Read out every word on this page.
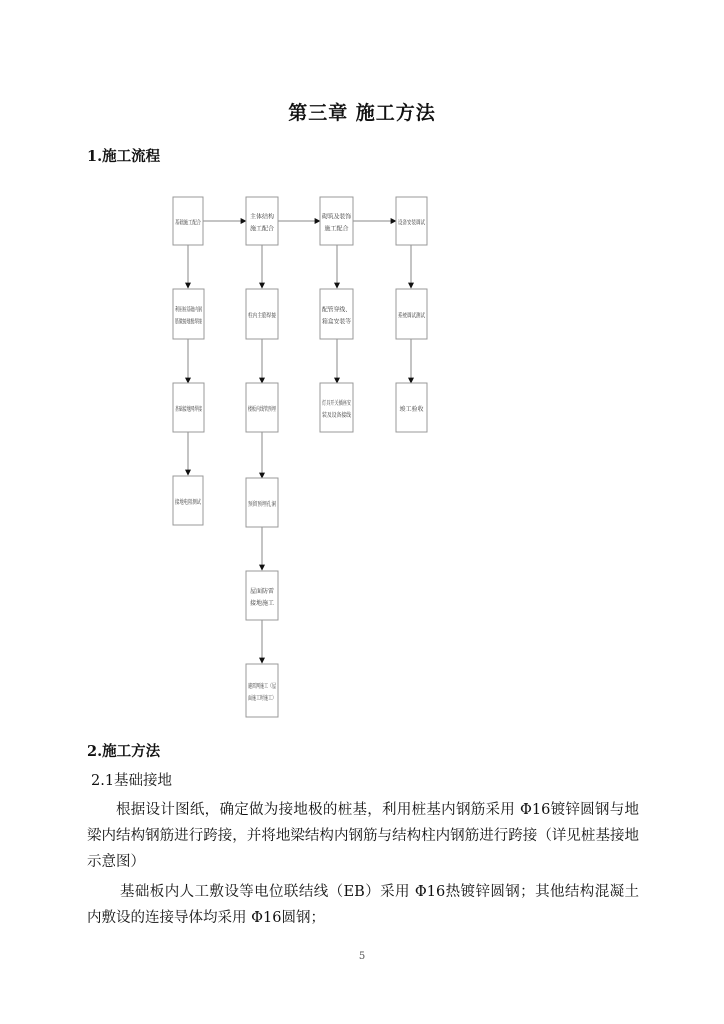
第三章 施工方法
1.施工流程
基础施工配合
主体结构
施工配合
砌筑及装饰
施工配合
设备安装调试
利用桩基础内钢
筋做接地极焊接
柱内主筋焊接
配管穿线、
箱盒安装等
系统调试测试
基础接地网焊接	楼板内线管预埋
灯具开关插座安
装及设备接线
竣工验收
接地电阻测试	预留预埋孔洞
屋面防雷
接地施工
避雷网施工（屋
面施工时施工）
2.施工方法
2.1基础接地
根据设计图纸，确定做为接地极的桩基，利用桩基内钢筋采用 Φ16镀锌圆钢与地梁内结构钢筋进行跨接，并将地梁结构内钢筋与结构柱内钢筋进行跨接（详见桩基接地示意图）
基础板内人工敷设等电位联结线（EB）采用 Φ16热镀锌圆钢；其他结构混凝土内敷设的连接导体均采用 Φ16圆钢；
5
